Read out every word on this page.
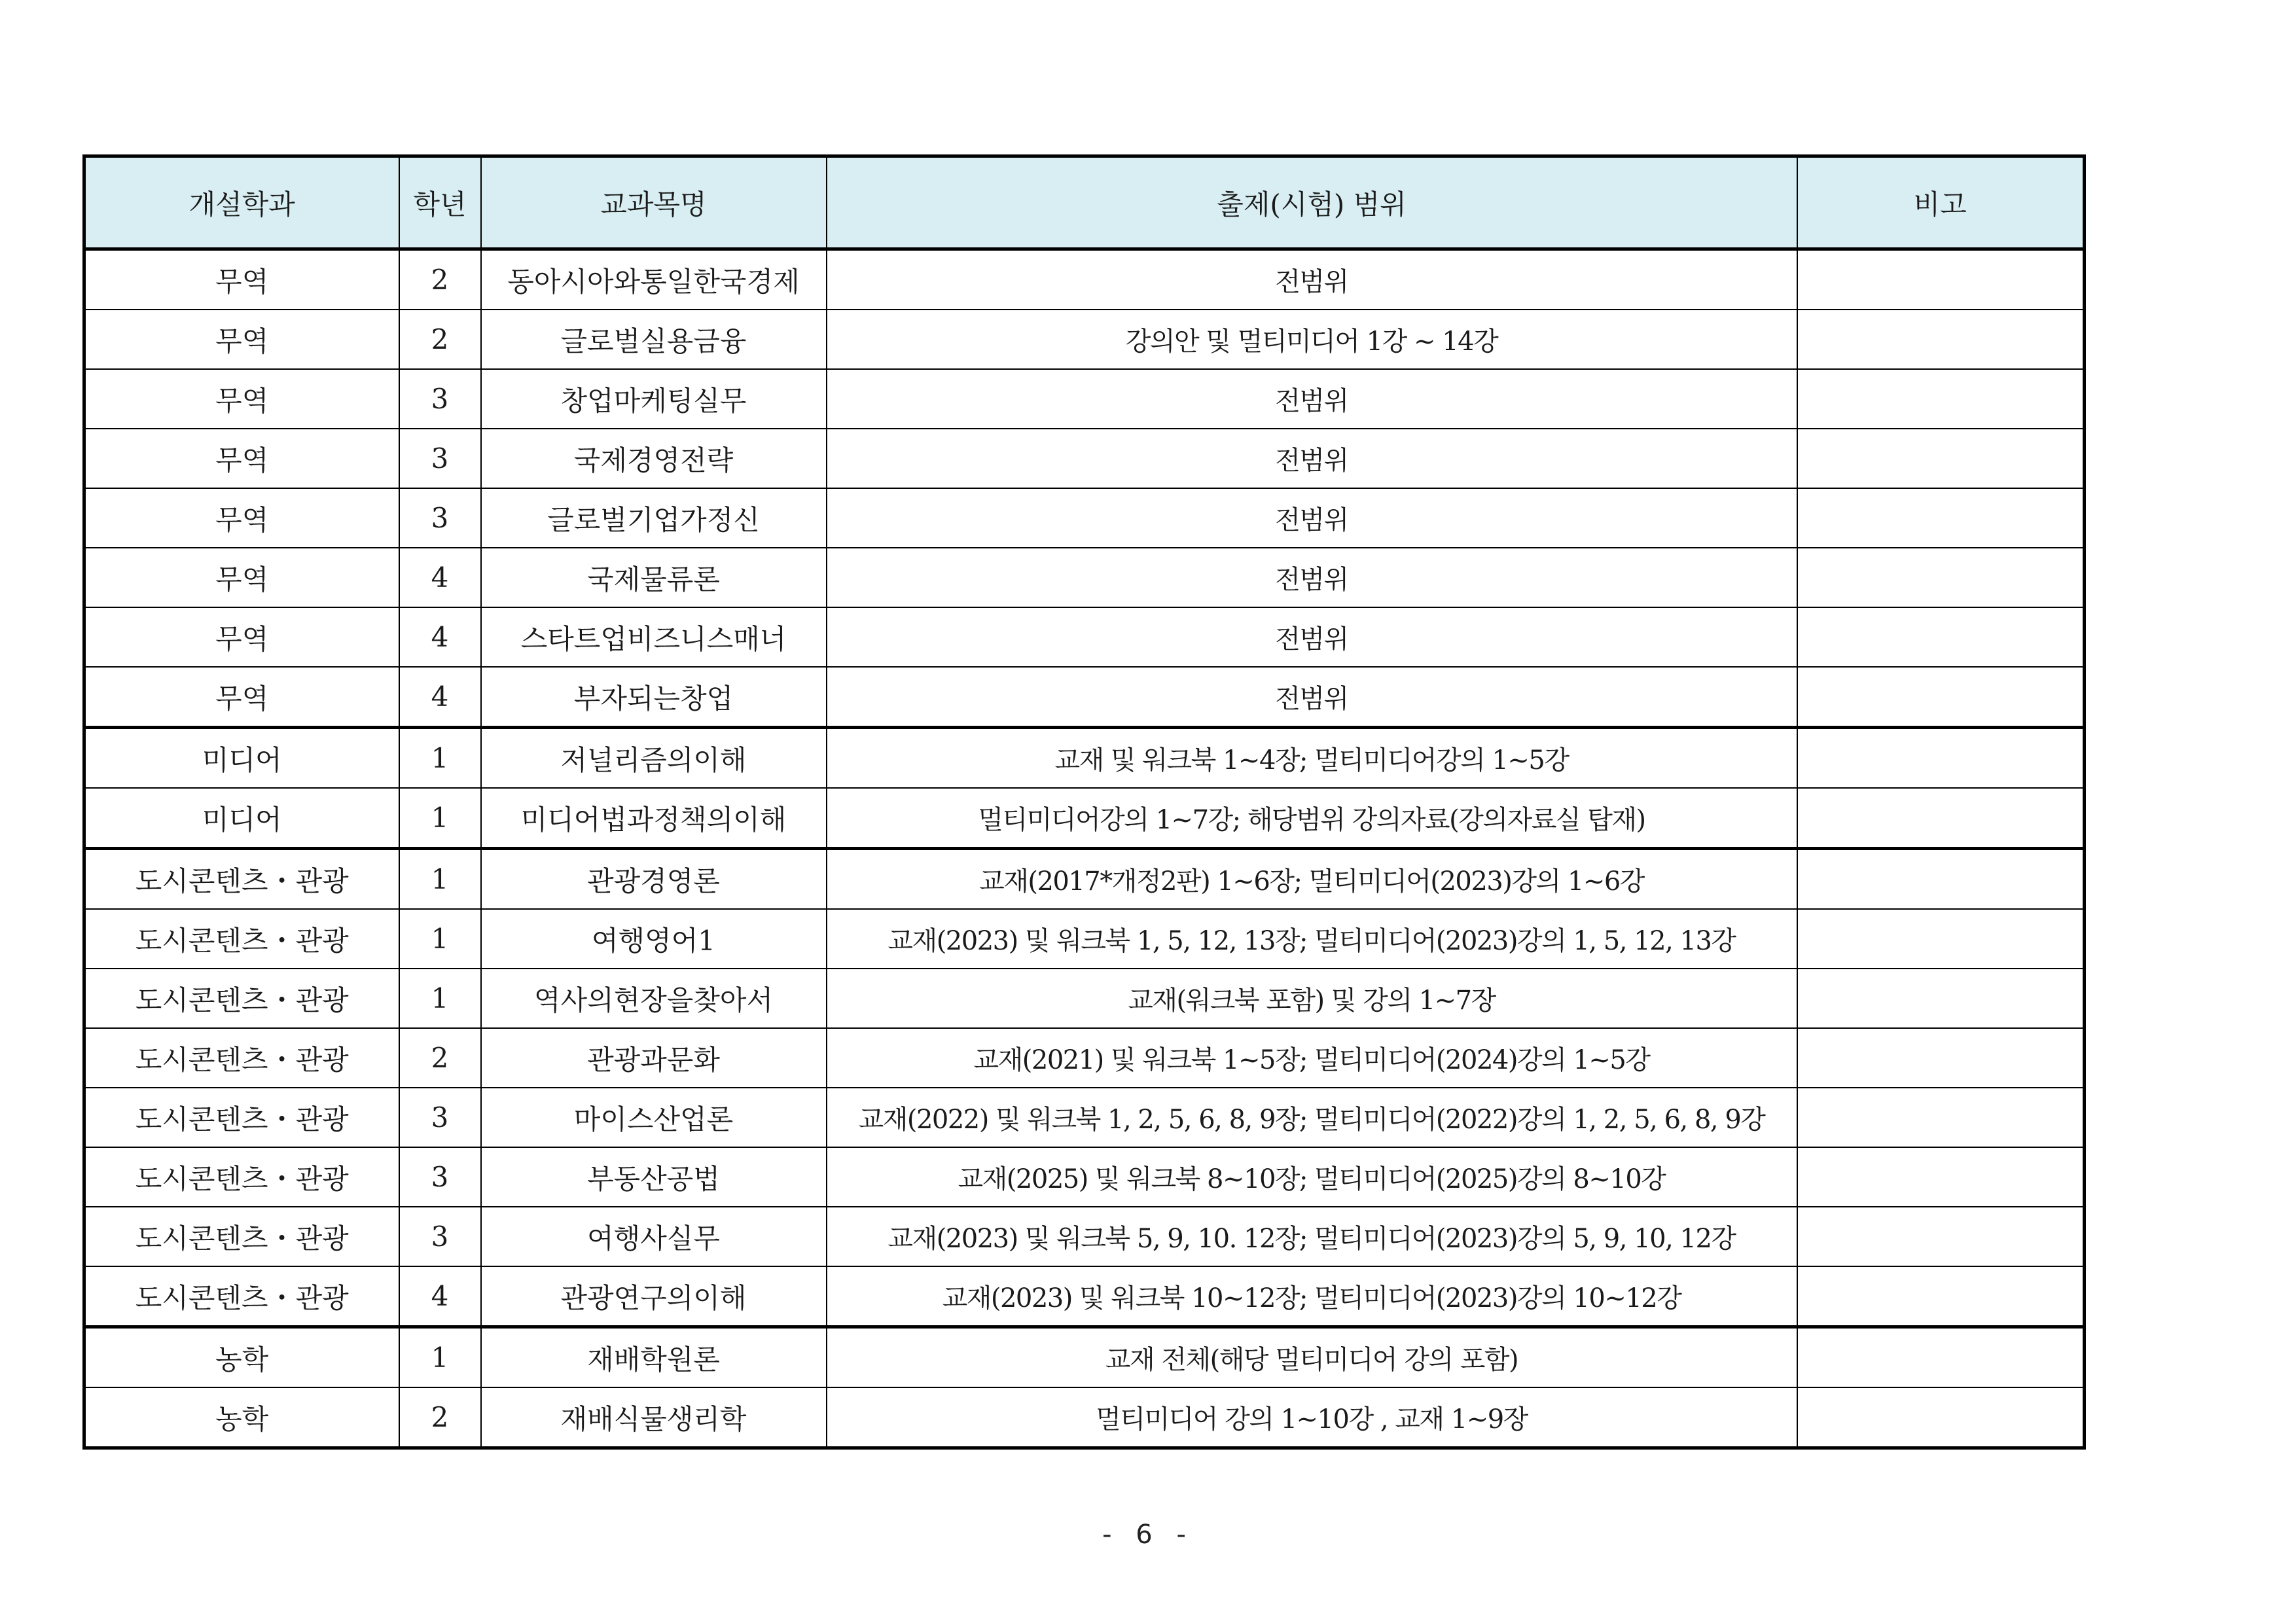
개설학과	학년	교과목명	출제(시험) 범위	비고
무역	2	동아시아와통일한국경제	전범위	
무역	2	글로벌실용금융	강의안 및 멀티미디어 1강 ~ 14강	
무역	3	창업마케팅실무	전범위	
무역	3	국제경영전략	전범위	
무역	3	글로벌기업가정신	전범위	
무역	4	국제물류론	전범위	
무역	4	스타트업비즈니스매너	전범위	
무역	4	부자되는창업	전범위	
미디어	1	저널리즘의이해	교재 및 워크북 1~4장; 멀티미디어강의 1~5강	
미디어	1	미디어법과정책의이해	멀티미디어강의 1~7강; 해당범위 강의자료(강의자료실 탑재)	
도시콘텐츠・관광	1	관광경영론	교재(2017*개정2판) 1~6장; 멀티미디어(2023)강의 1~6강	
도시콘텐츠・관광	1	여행영어1	교재(2023) 및 워크북 1, 5, 12, 13장; 멀티미디어(2023)강의 1, 5, 12, 13강	
도시콘텐츠・관광	1	역사의현장을찾아서	교재(워크북 포함) 및 강의 1~7장	
도시콘텐츠・관광	2	관광과문화	교재(2021) 및 워크북 1~5장; 멀티미디어(2024)강의 1~5강	
도시콘텐츠・관광	3	마이스산업론	교재(2022) 및 워크북 1, 2, 5, 6, 8, 9장; 멀티미디어(2022)강의 1, 2, 5, 6, 8, 9강	
도시콘텐츠・관광	3	부동산공법	교재(2025) 및 워크북 8~10장; 멀티미디어(2025)강의 8~10강	
도시콘텐츠・관광	3	여행사실무	교재(2023) 및 워크북 5, 9, 10. 12장; 멀티미디어(2023)강의 5, 9, 10, 12강	
도시콘텐츠・관광	4	관광연구의이해	교재(2023) 및 워크북 10~12장; 멀티미디어(2023)강의 10~12강	
농학	1	재배학원론	교재 전체(해당 멀티미디어 강의 포함)	
농학	2	재배식물생리학	멀티미디어 강의 1~10강 , 교재 1~9장	
- 6 -
